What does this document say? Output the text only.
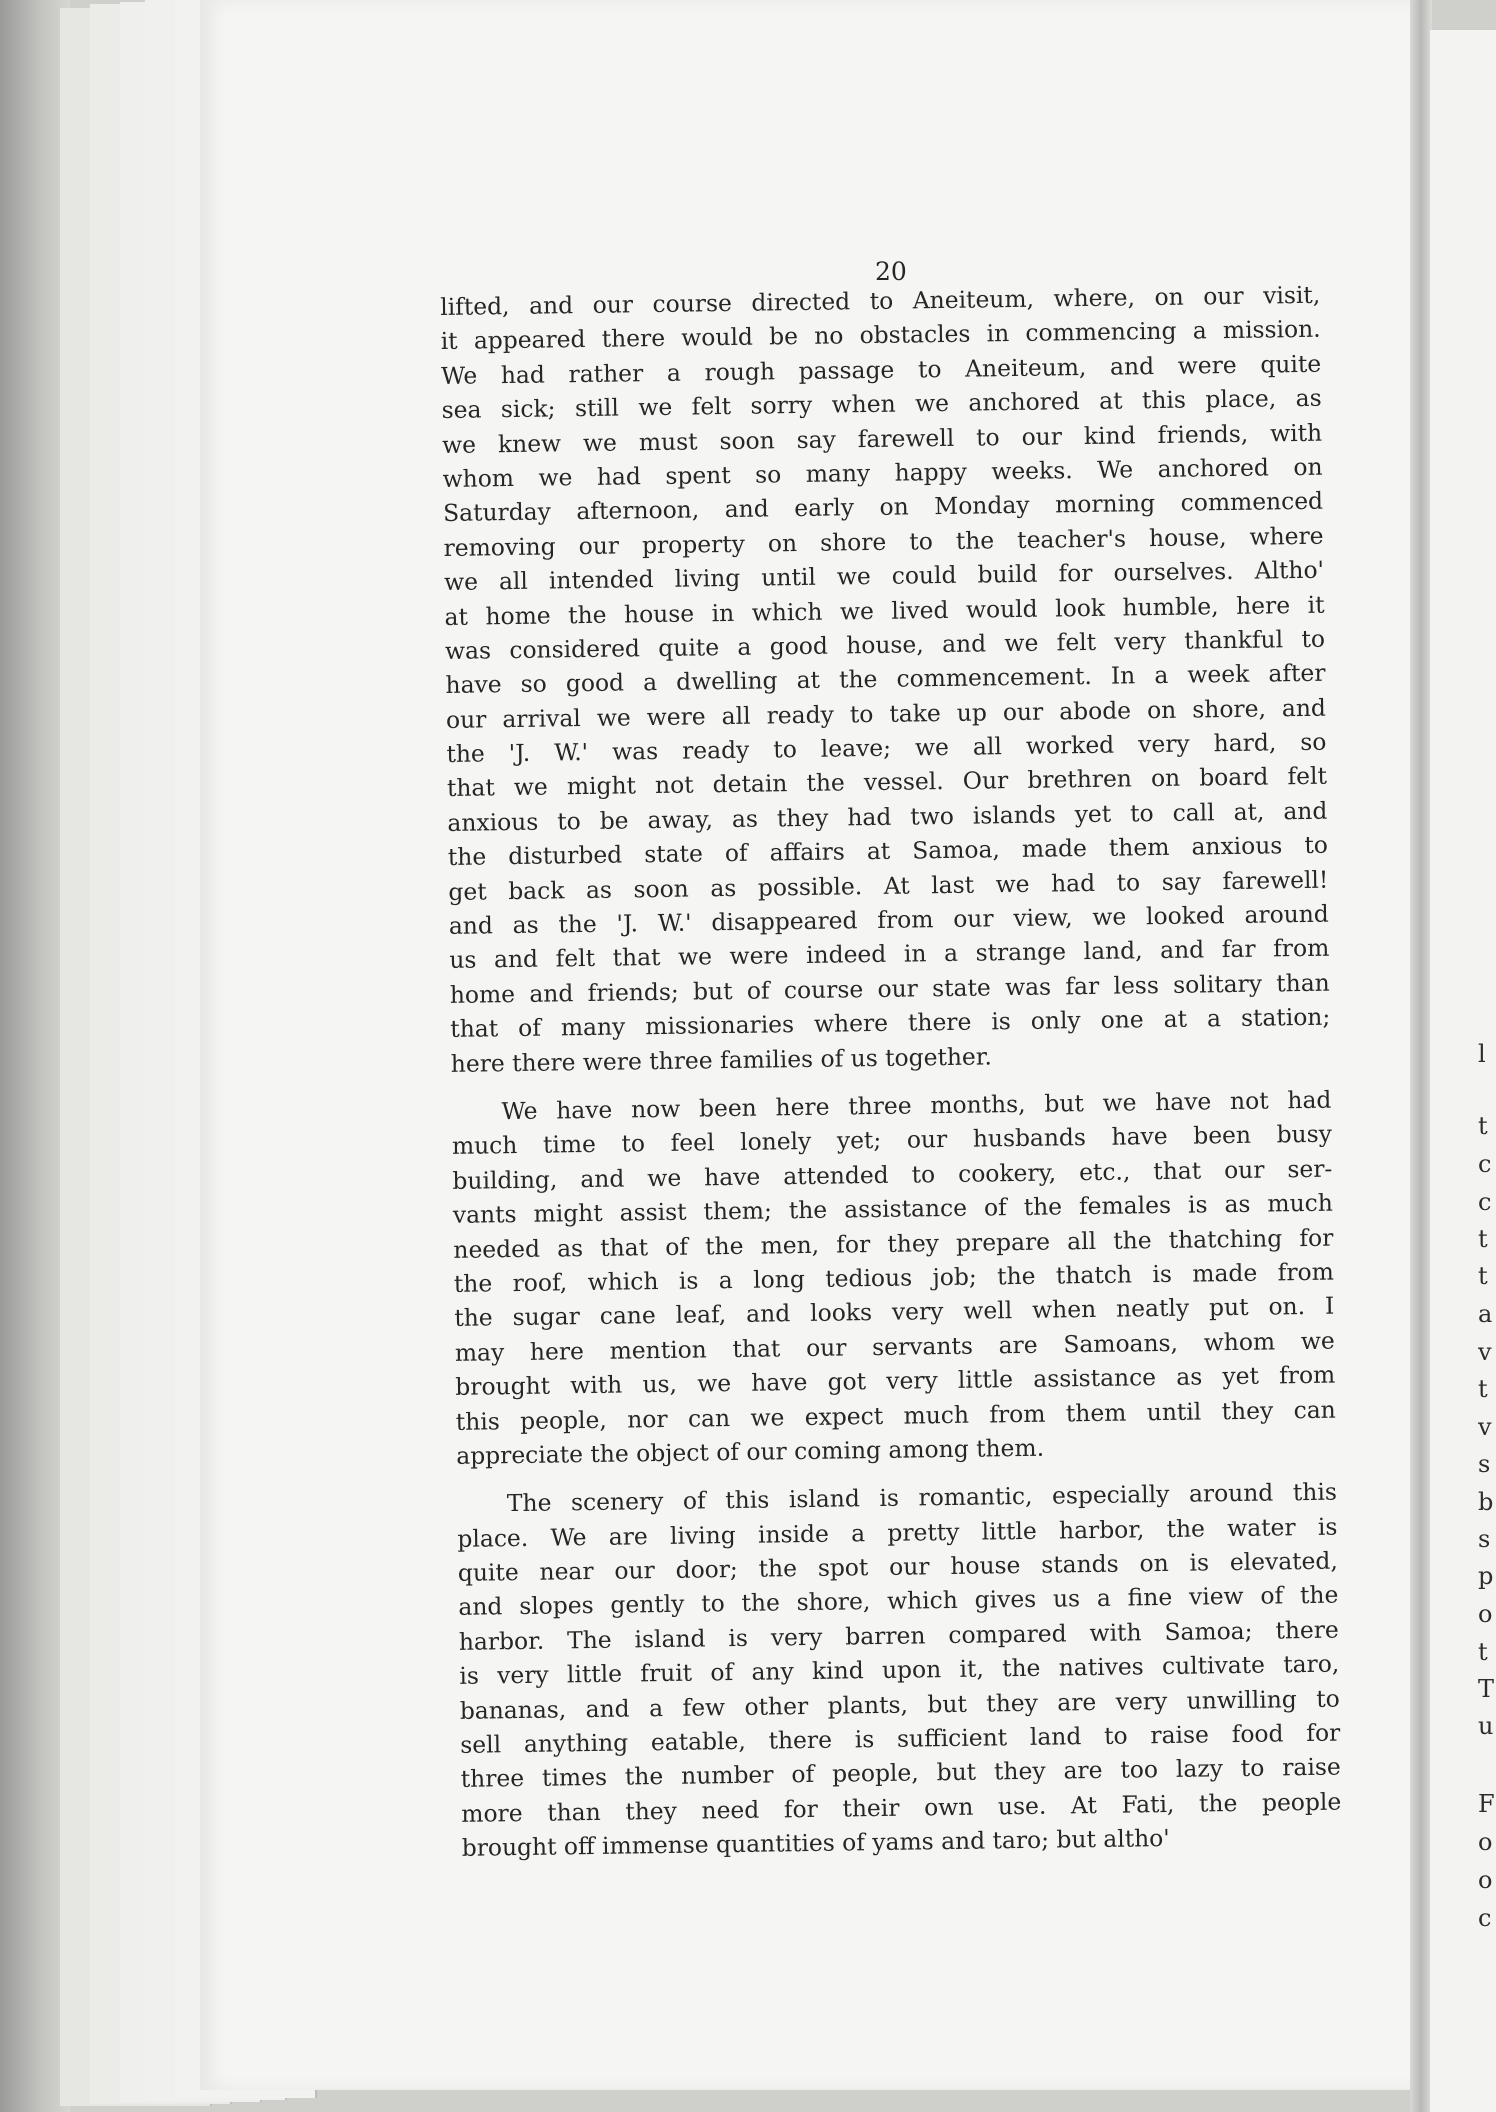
20
lifted, and our course directed to Aneiteum, where, on our visit,
it appeared there would be no obstacles in commencing a mission.
We had rather a rough passage to Aneiteum, and were quite
sea sick; still we felt sorry when we anchored at this place, as
we knew we must soon say farewell to our kind friends, with
whom we had spent so many happy weeks. We anchored on
Saturday afternoon, and early on Monday morning commenced
removing our property on shore to the teacher's house, where
we all intended living until we could build for ourselves. Altho'
at home the house in which we lived would look humble, here it
was considered quite a good house, and we felt very thankful to
have so good a dwelling at the commencement. In a week after
our arrival we were all ready to take up our abode on shore, and
the 'J. W.' was ready to leave; we all worked very hard, so
that we might not detain the vessel. Our brethren on board felt
anxious to be away, as they had two islands yet to call at, and
the disturbed state of affairs at Samoa, made them anxious to
get back as soon as possible. At last we had to say farewell!
and as the 'J. W.' disappeared from our view, we looked around
us and felt that we were indeed in a strange land, and far from
home and friends; but of course our state was far less solitary than
that of many missionaries where there is only one at a station;
here there were three families of us together.
We have now been here three months, but we have not had
much time to feel lonely yet; our husbands have been busy
building, and we have attended to cookery, etc., that our ser-
vants might assist them; the assistance of the females is as much
needed as that of the men, for they prepare all the thatching for
the roof, which is a long tedious job; the thatch is made from
the sugar cane leaf, and looks very well when neatly put on. I
may here mention that our servants are Samoans, whom we
brought with us, we have got very little assistance as yet from
this people, nor can we expect much from them until they can
appreciate the object of our coming among them.
The scenery of this island is romantic, especially around this
place. We are living inside a pretty little harbor, the water is
quite near our door; the spot our house stands on is elevated,
and slopes gently to the shore, which gives us a fine view of the
harbor. The island is very barren compared with Samoa; there
is very little fruit of any kind upon it, the natives cultivate taro,
bananas, and a few other plants, but they are very unwilling to
sell anything eatable, there is sufficient land to raise food for
three times the number of people, but they are too lazy to raise
more than they need for their own use. At Fati, the people
brought off immense quantities of yams and taro; but altho'
l
t
c
c
t
t
a
v
t
v
s
b
s
p
o
t
T
u
F
o
o
c
